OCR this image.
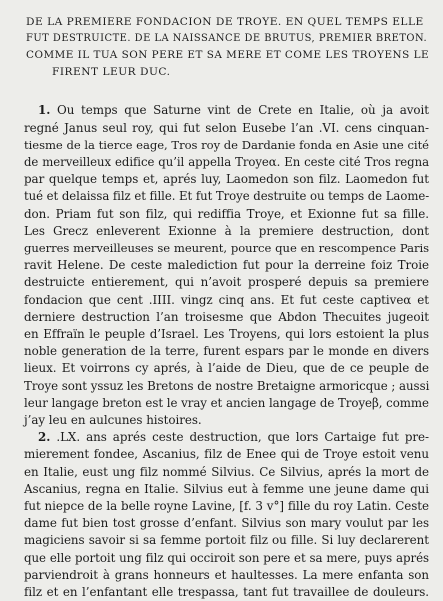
DE LA PREMIERE FONDACION DE TROYE. EN QUEL TEMPS ELLE
FUT DESTRUICTE. DE LA NAISSANCE DE BRUTUS, PREMIER BRETON.
COMME IL TUA SON PERE ET SA MERE ET COME LES TROYENS LE
FIRENT LEUR DUC.
1. Ou temps que Saturne vint de Crete en Italie, où ja avoit
regné Janus seul roy, qui fut selon Eusebe l’an .VI. cens cinquan-
tiesme de la tierce eage, Tros roy de Dardanie fonda en Asie une cité
de merveilleux edifice qu’il appella Troyeα. En ceste cité Tros regna
par quelque temps et, aprés luy, Laomedon son filz. Laomedon fut
tué et delaissa filz et fille. Et fut Troye destruite ou temps de Laome-
don. Priam fut son filz, qui rediffia Troye, et Exionne fut sa fille.
Les Grecz enleverent Exionne à la premiere destruction, dont
guerres merveilleuses se meurent, pource que en rescompence Paris
ravit Helene. De ceste malediction fut pour la derreine foiz Troie
destruicte entierement, qui n’avoit prosperé depuis sa premiere
fondacion que cent .IIII. vingz cinq ans. Et fut ceste captiveα et
derniere destruction l’an troisesme que Abdon Thecuites jugeoit
en Effraïn le peuple d’Israel. Les Troyens, qui lors estoient la plus
noble generation de la terre, furent espars par le monde en divers
lieux. Et voirrons cy aprés, à l’aide de Dieu, que de ce peuple de
Troye sont yssuz les Bretons de nostre Bretaigne armoricque ; aussi
leur langage breton est le vray et ancien langage de Troyeβ, comme
j’ay leu en aulcunes histoires.
2. .LX. ans aprés ceste destruction, que lors Cartaige fut pre-
mierement fondee, Ascanius, filz de Enee qui de Troye estoit venu
en Italie, eust ung filz nommé Silvius. Ce Silvius, aprés la mort de
Ascanius, regna en Italie. Silvius eut à femme une jeune dame qui
fut niepce de la belle royne Lavine, [f. 3 v°] fille du roy Latin. Ceste
dame fut bien tost grosse d’enfant. Silvius son mary voulut par les
magiciens savoir si sa femme portoit filz ou fille. Si luy declarerent
que elle portoit ung filz qui occiroit son pere et sa mere, puys aprés
parviendroit à grans honneurs et haultesses. La mere enfanta son
filz et en l’enfantant elle trespassa, tant fut travaillee de douleurs.
